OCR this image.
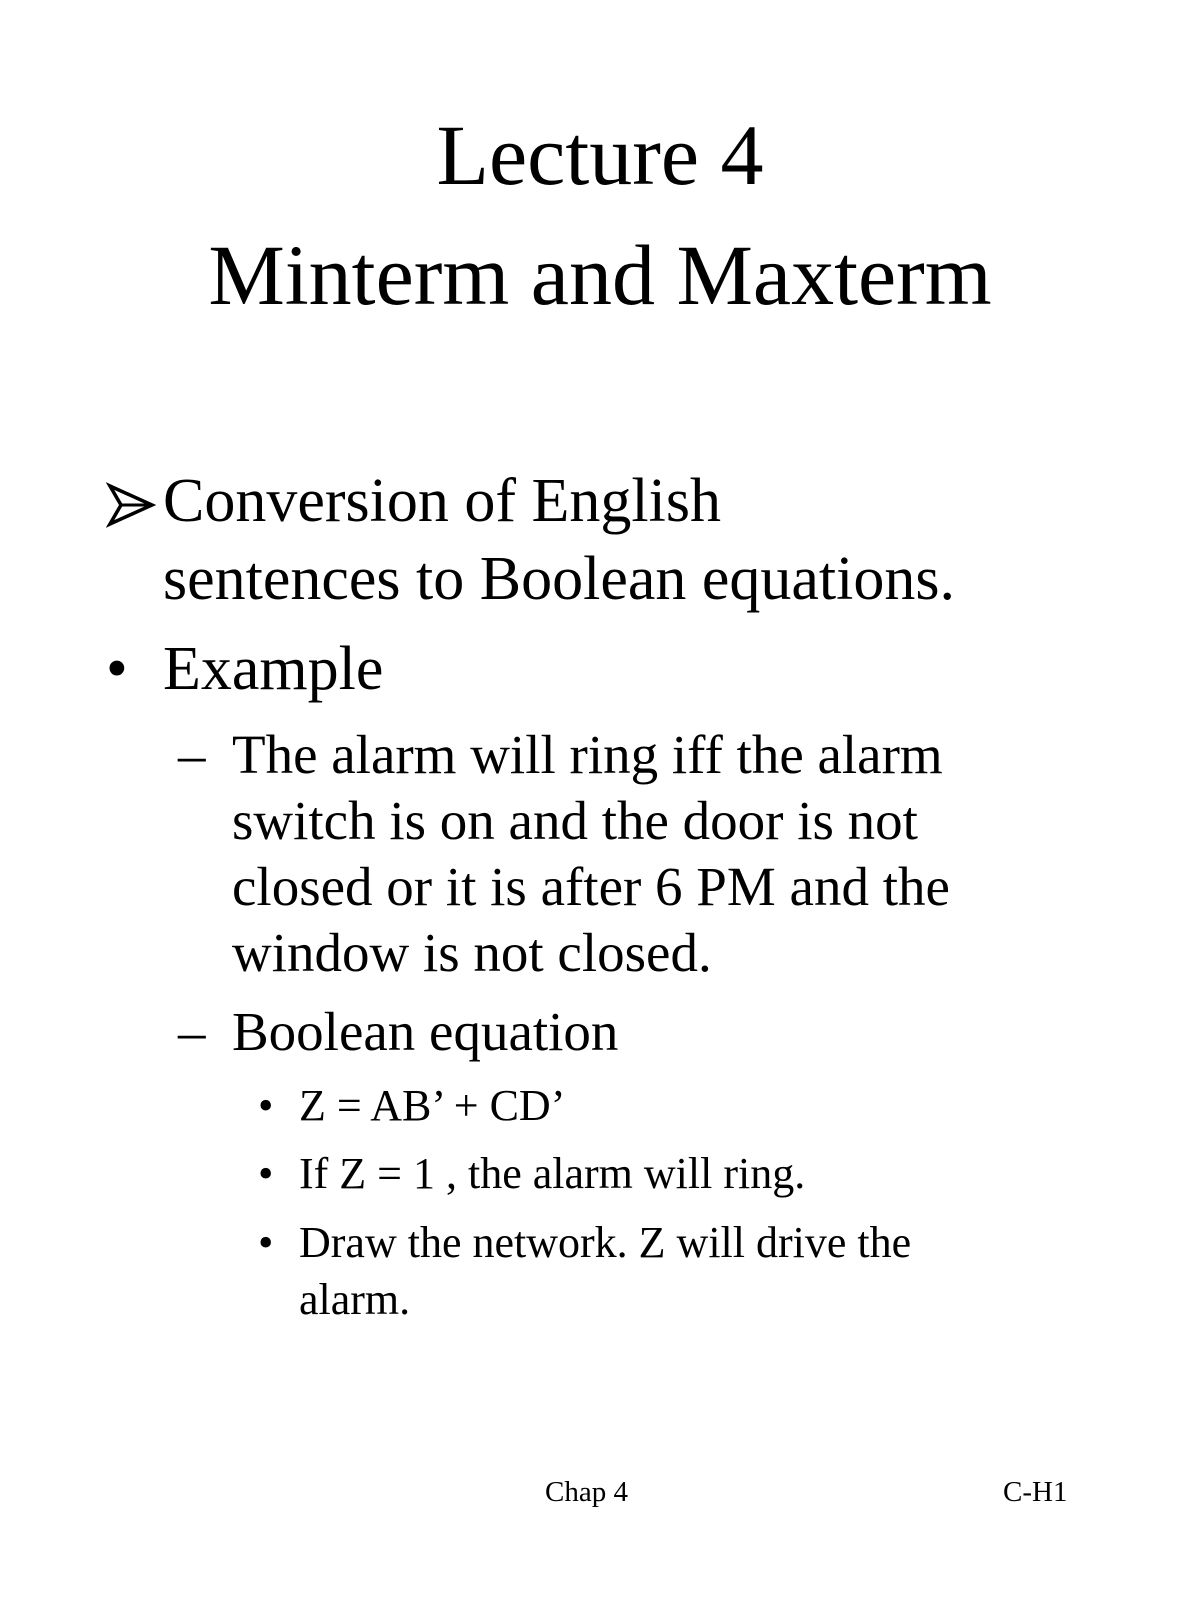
Lecture 4
Minterm and Maxterm
Conversion of English
sentences to Boolean equations.
• Example
– The alarm will ring iff the alarm
switch is on and the door is not
closed or it is after 6 PM and the
window is not closed.
– Boolean equation
• Z = AB’ + CD’
• If Z = 1 , the alarm will ring.
• Draw the network. Z will drive the
alarm.
Chap 4	C-H1
